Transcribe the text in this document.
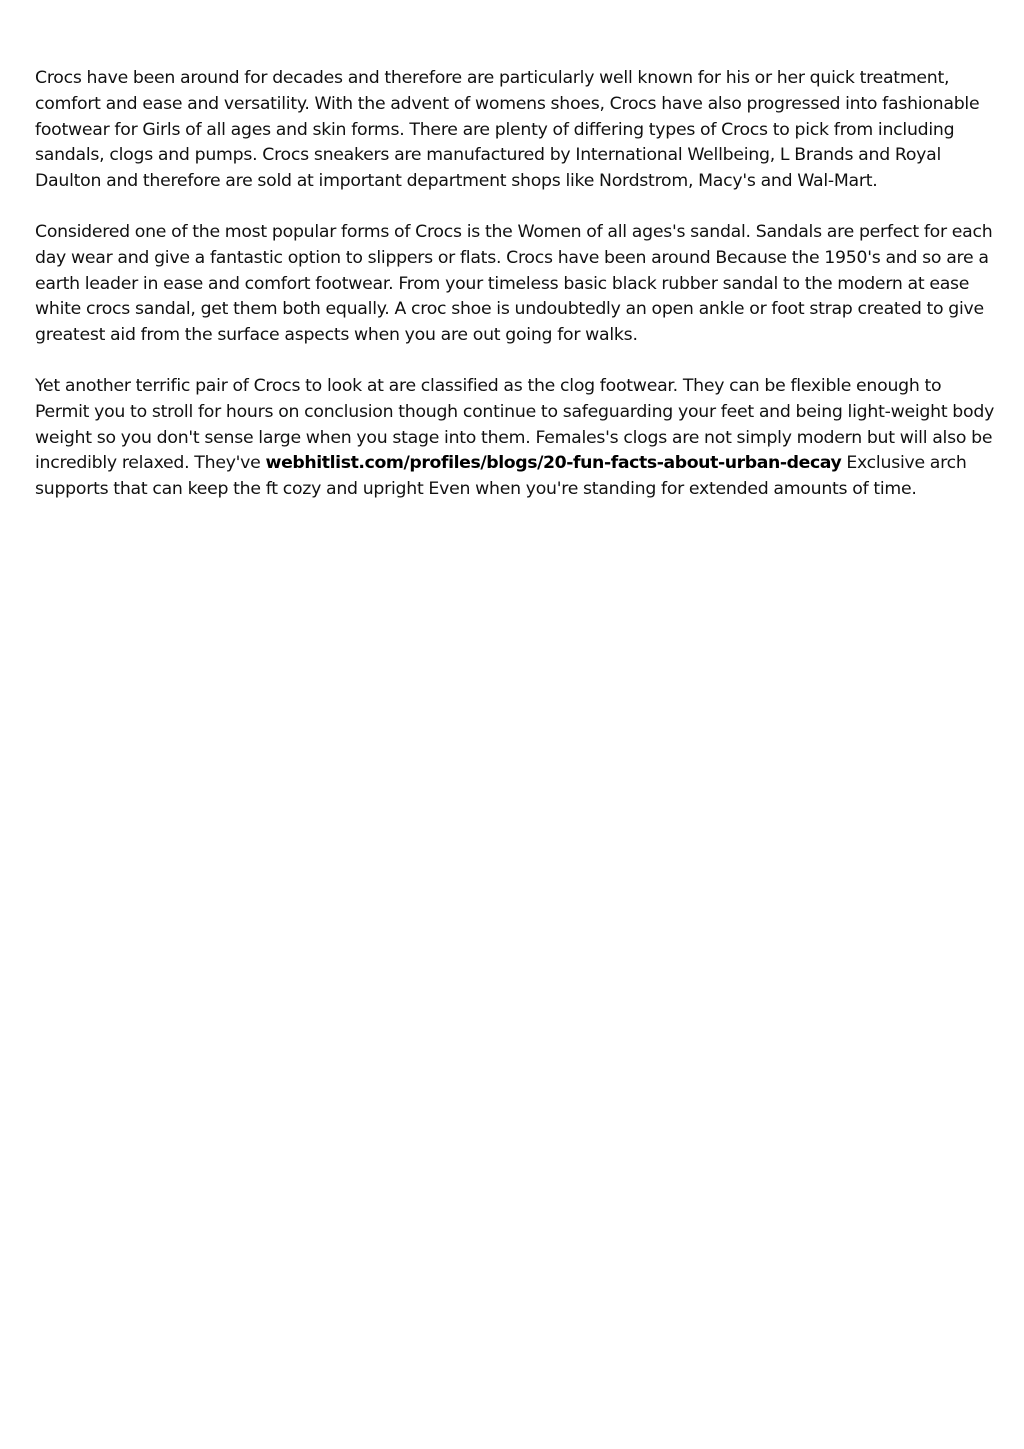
Crocs have been around for decades and therefore are particularly well known for his or her quick treatment, comfort and ease and versatility. With the advent of womens shoes, Crocs have also progressed into fashionable footwear for Girls of all ages and skin forms. There are plenty of differing types of Crocs to pick from including sandals, clogs and pumps. Crocs sneakers are manufactured by International Wellbeing, L Brands and Royal Daulton and therefore are sold at important department shops like Nordstrom, Macy's and Wal-Mart.

Considered one of the most popular forms of Crocs is the Women of all ages's sandal. Sandals are perfect for each day wear and give a fantastic option to slippers or flats. Crocs have been around Because the 1950's and so are a earth leader in ease and comfort footwear. From your timeless basic black rubber sandal to the modern at ease white crocs sandal, get them both equally. A croc shoe is undoubtedly an open ankle or foot strap created to give greatest aid from the surface aspects when you are out going for walks.

Yet another terrific pair of Crocs to look at are classified as the clog footwear. They can be flexible enough to Permit you to stroll for hours on conclusion though continue to safeguarding your feet and being light-weight body weight so you don't sense large when you stage into them. Females's clogs are not simply modern but will also be incredibly relaxed. They've webhitlist.com/profiles/blogs/20-fun-facts-about-urban-decay Exclusive arch supports that can keep the ft cozy and upright Even when you're standing for extended amounts of time.
